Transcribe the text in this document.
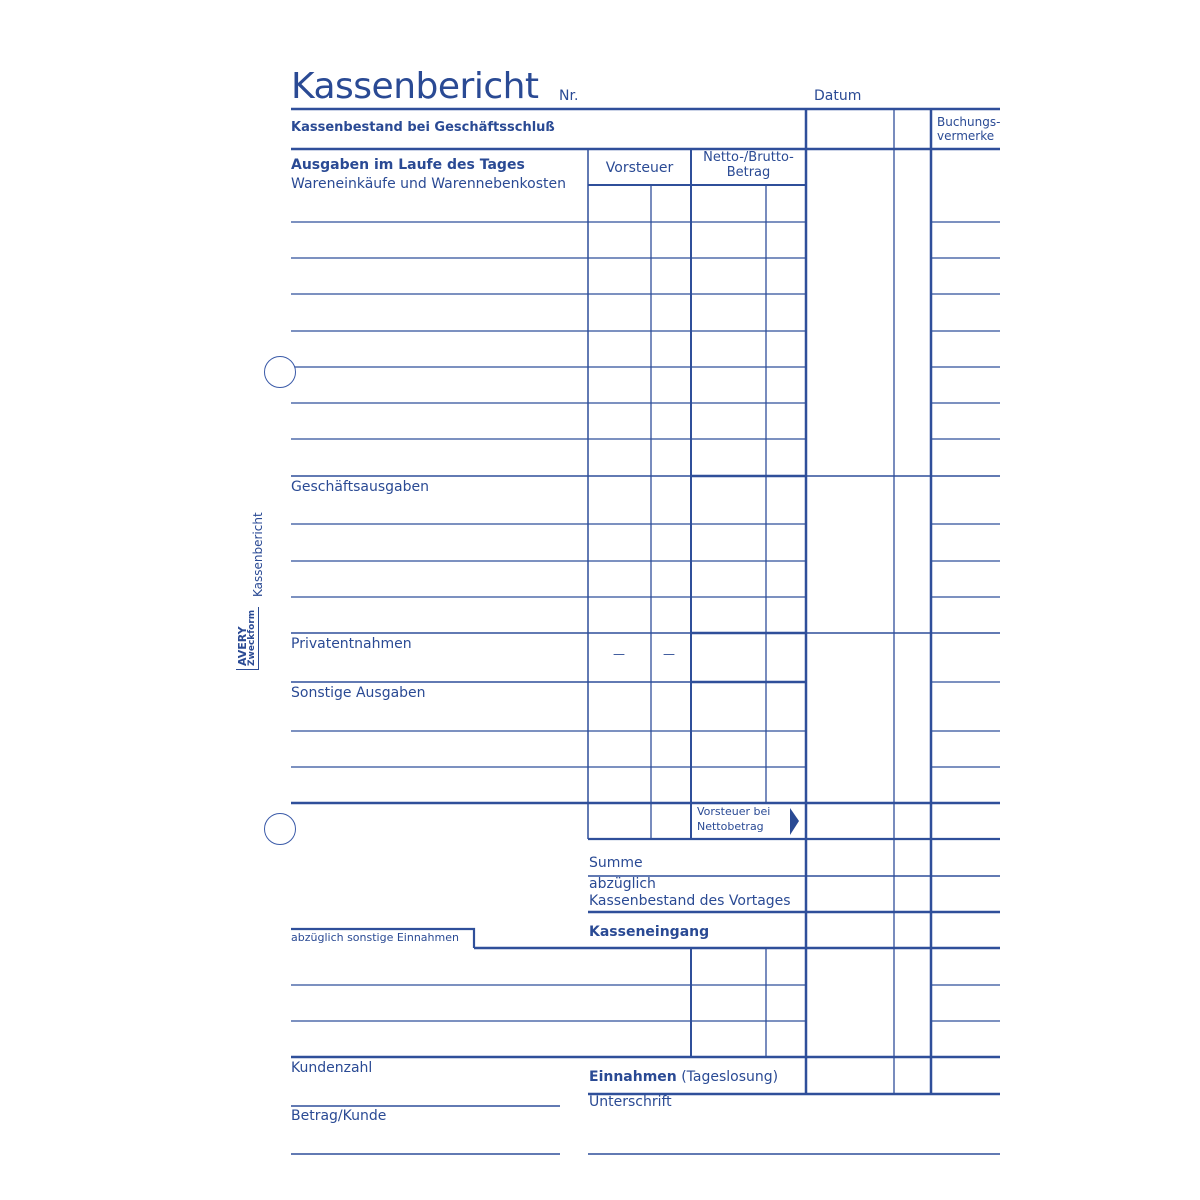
Kassenbericht
AVERY
Zweckform
Kassenbericht Nr.	Datum
Buchungs-
vermerke
Kassenbestand bei Geschäftsschluß
Ausgaben im Laufe des Tages
Wareneinkäufe und Warennebenkosten
Vorsteuer
Netto-/Brutto-
Betrag
Geschäftsausgaben
Privatentnahmen
—	—
Sonstige Ausgaben
Vorsteuer bei
Nettobetrag
Summe
abzüglich
Kassenbestand des Vortages
abzüglich sonstige Einnahmen	Kasseneingang
Einnahmen (Tageslosung)
Unterschrift
Kundenzahl
Betrag/Kunde
